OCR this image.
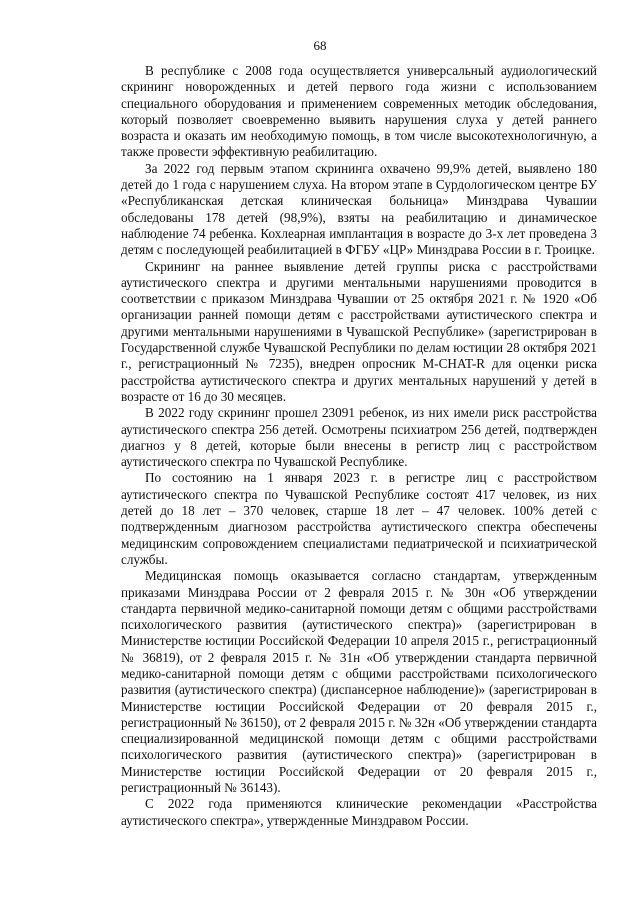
68

В республике с 2008 года осуществляется универсальный аудиологический скрининг новорожденных и детей первого года жизни с использованием специального оборудования и применением современных методик обследования, который позволяет своевременно выявить нарушения слуха у детей раннего возраста и оказать им необходимую помощь, в том числе высокотехнологичную, а также провести эффективную реабилитацию.

За 2022 год первым этапом скрининга охвачено 99,9% детей, выявлено 180 детей до 1 года с нарушением слуха. На втором этапе в Сурдологическом центре БУ «Республиканская детская клиническая больница» Минздрава Чувашии обследованы 178 детей (98,9%), взяты на реабилитацию и динамическое наблюдение 74 ребенка. Кохлеарная имплантация в возрасте до 3-х лет проведена 3 детям с последующей реабилитацией в ФГБУ «ЦР» Минздрава России в г. Троицке.

Скрининг на раннее выявление детей группы риска с расстройствами аутистического спектра и другими ментальными нарушениями проводится в соответствии с приказом Минздрава Чувашии от 25 октября 2021 г. № 1920 «Об организации ранней помощи детям с расстройствами аутистического спектра и другими ментальными нарушениями в Чувашской Республике» (зарегистрирован в Государственной службе Чувашской Республики по делам юстиции 28 октября 2021 г., регистрационный № 7235), внедрен опросник M-CHAT-R для оценки риска расстройства аутистического спектра и других ментальных нарушений у детей в возрасте от 16 до 30 месяцев.

В 2022 году скрининг прошел 23091 ребенок, из них имели риск расстройства аутистического спектра 256 детей. Осмотрены психиатром 256 детей, подтвержден диагноз у 8 детей, которые были внесены в регистр лиц с расстройством аутистического спектра по Чувашской Республике.

По состоянию на 1 января 2023 г. в регистре лиц с расстройством аутистического спектра по Чувашской Республике состоят 417 человек, из них детей до 18 лет – 370 человек, старше 18 лет – 47 человек. 100% детей с подтвержденным диагнозом расстройства аутистического спектра обеспечены медицинским сопровождением специалистами педиатрической и психиатрической службы.

Медицинская помощь оказывается согласно стандартам, утвержденным приказами Минздрава России от 2 февраля 2015 г. № 30н «Об утверждении стандарта первичной медико-санитарной помощи детям с общими расстройствами психологического развития (аутистического спектра)» (зарегистрирован в Министерстве юстиции Российской Федерации 10 апреля 2015 г., регистрационный № 36819), от 2 февраля 2015 г. № 31н «Об утверждении стандарта первичной медико-санитарной помощи детям с общими расстройствами психологического развития (аутистического спектра) (диспансерное наблюдение)» (зарегистрирован в Министерстве юстиции Российской Федерации от 20 февраля 2015 г., регистрационный № 36150), от 2 февраля 2015 г. № 32н «Об утверждении стандарта специализированной медицинской помощи детям с общими расстройствами психологического развития (аутистического спектра)» (зарегистрирован в Министерстве юстиции Российской Федерации от 20 февраля 2015 г., регистрационный № 36143).

С 2022 года применяются клинические рекомендации «Расстройства аутистического спектра», утвержденные Минздравом России.
